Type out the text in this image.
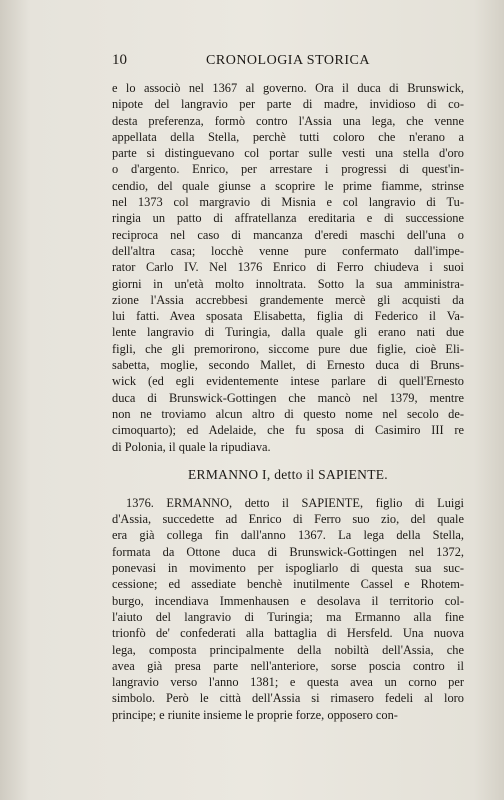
10	CRONOLOGIA STORICA
e lo associò nel 1367 al governo. Ora il duca di Brunswick,
nipote del langravio per parte di madre, invidioso di co-
desta preferenza, formò contro l'Assia una lega, che venne
appellata della Stella, perchè tutti coloro che n'erano a
parte si distinguevano col portar sulle vesti una stella d'oro
o d'argento. Enrico, per arrestare i progressi di quest'in-
cendio, del quale giunse a scoprire le prime fiamme, strinse
nel 1373 col margravio di Misnia e col langravio di Tu-
ringia un patto di affratellanza ereditaria e di successione
reciproca nel caso di mancanza d'eredi maschi dell'una o
dell'altra casa; locchè venne pure confermato dall'impe-
rator Carlo IV. Nel 1376 Enrico di Ferro chiudeva i suoi
giorni in un'età molto innoltrata. Sotto la sua amministra-
zione l'Assia accrebbesi grandemente mercè gli acquisti da
lui fatti. Avea sposata Elisabetta, figlia di Federico il Va-
lente langravio di Turingia, dalla quale gli erano nati due
figli, che gli premorirono, siccome pure due figlie, cioè Eli-
sabetta, moglie, secondo Mallet, di Ernesto duca di Bruns-
wick (ed egli evidentemente intese parlare di quell'Ernesto
duca di Brunswick-Gottingen che mancò nel 1379, mentre
non ne troviamo alcun altro di questo nome nel secolo de-
cimoquarto); ed Adelaide, che fu sposa di Casimiro III re
di Polonia, il quale la ripudiava.
ERMANNO I, detto il SAPIENTE.
1376. ERMANNO, detto il SAPIENTE, figlio di Luigi
d'Assia, succedette ad Enrico di Ferro suo zio, del quale
era già collega fin dall'anno 1367. La lega della Stella,
formata da Ottone duca di Brunswick-Gottingen nel 1372,
ponevasi in movimento per ispogliarlo di questa sua suc-
cessione; ed assediate benchè inutilmente Cassel e Rhotem-
burgo, incendiava Immenhausen e desolava il territorio col-
l'aiuto del langravio di Turingia; ma Ermanno alla fine
trionfò de' confederati alla battaglia di Hersfeld. Una nuova
lega, composta principalmente della nobiltà dell'Assia, che
avea già presa parte nell'anteriore, sorse poscia contro il
langravio verso l'anno 1381; e questa avea un corno per
simbolo. Però le città dell'Assia si rimasero fedeli al loro
principe; e riunite insieme le proprie forze, opposero con-
